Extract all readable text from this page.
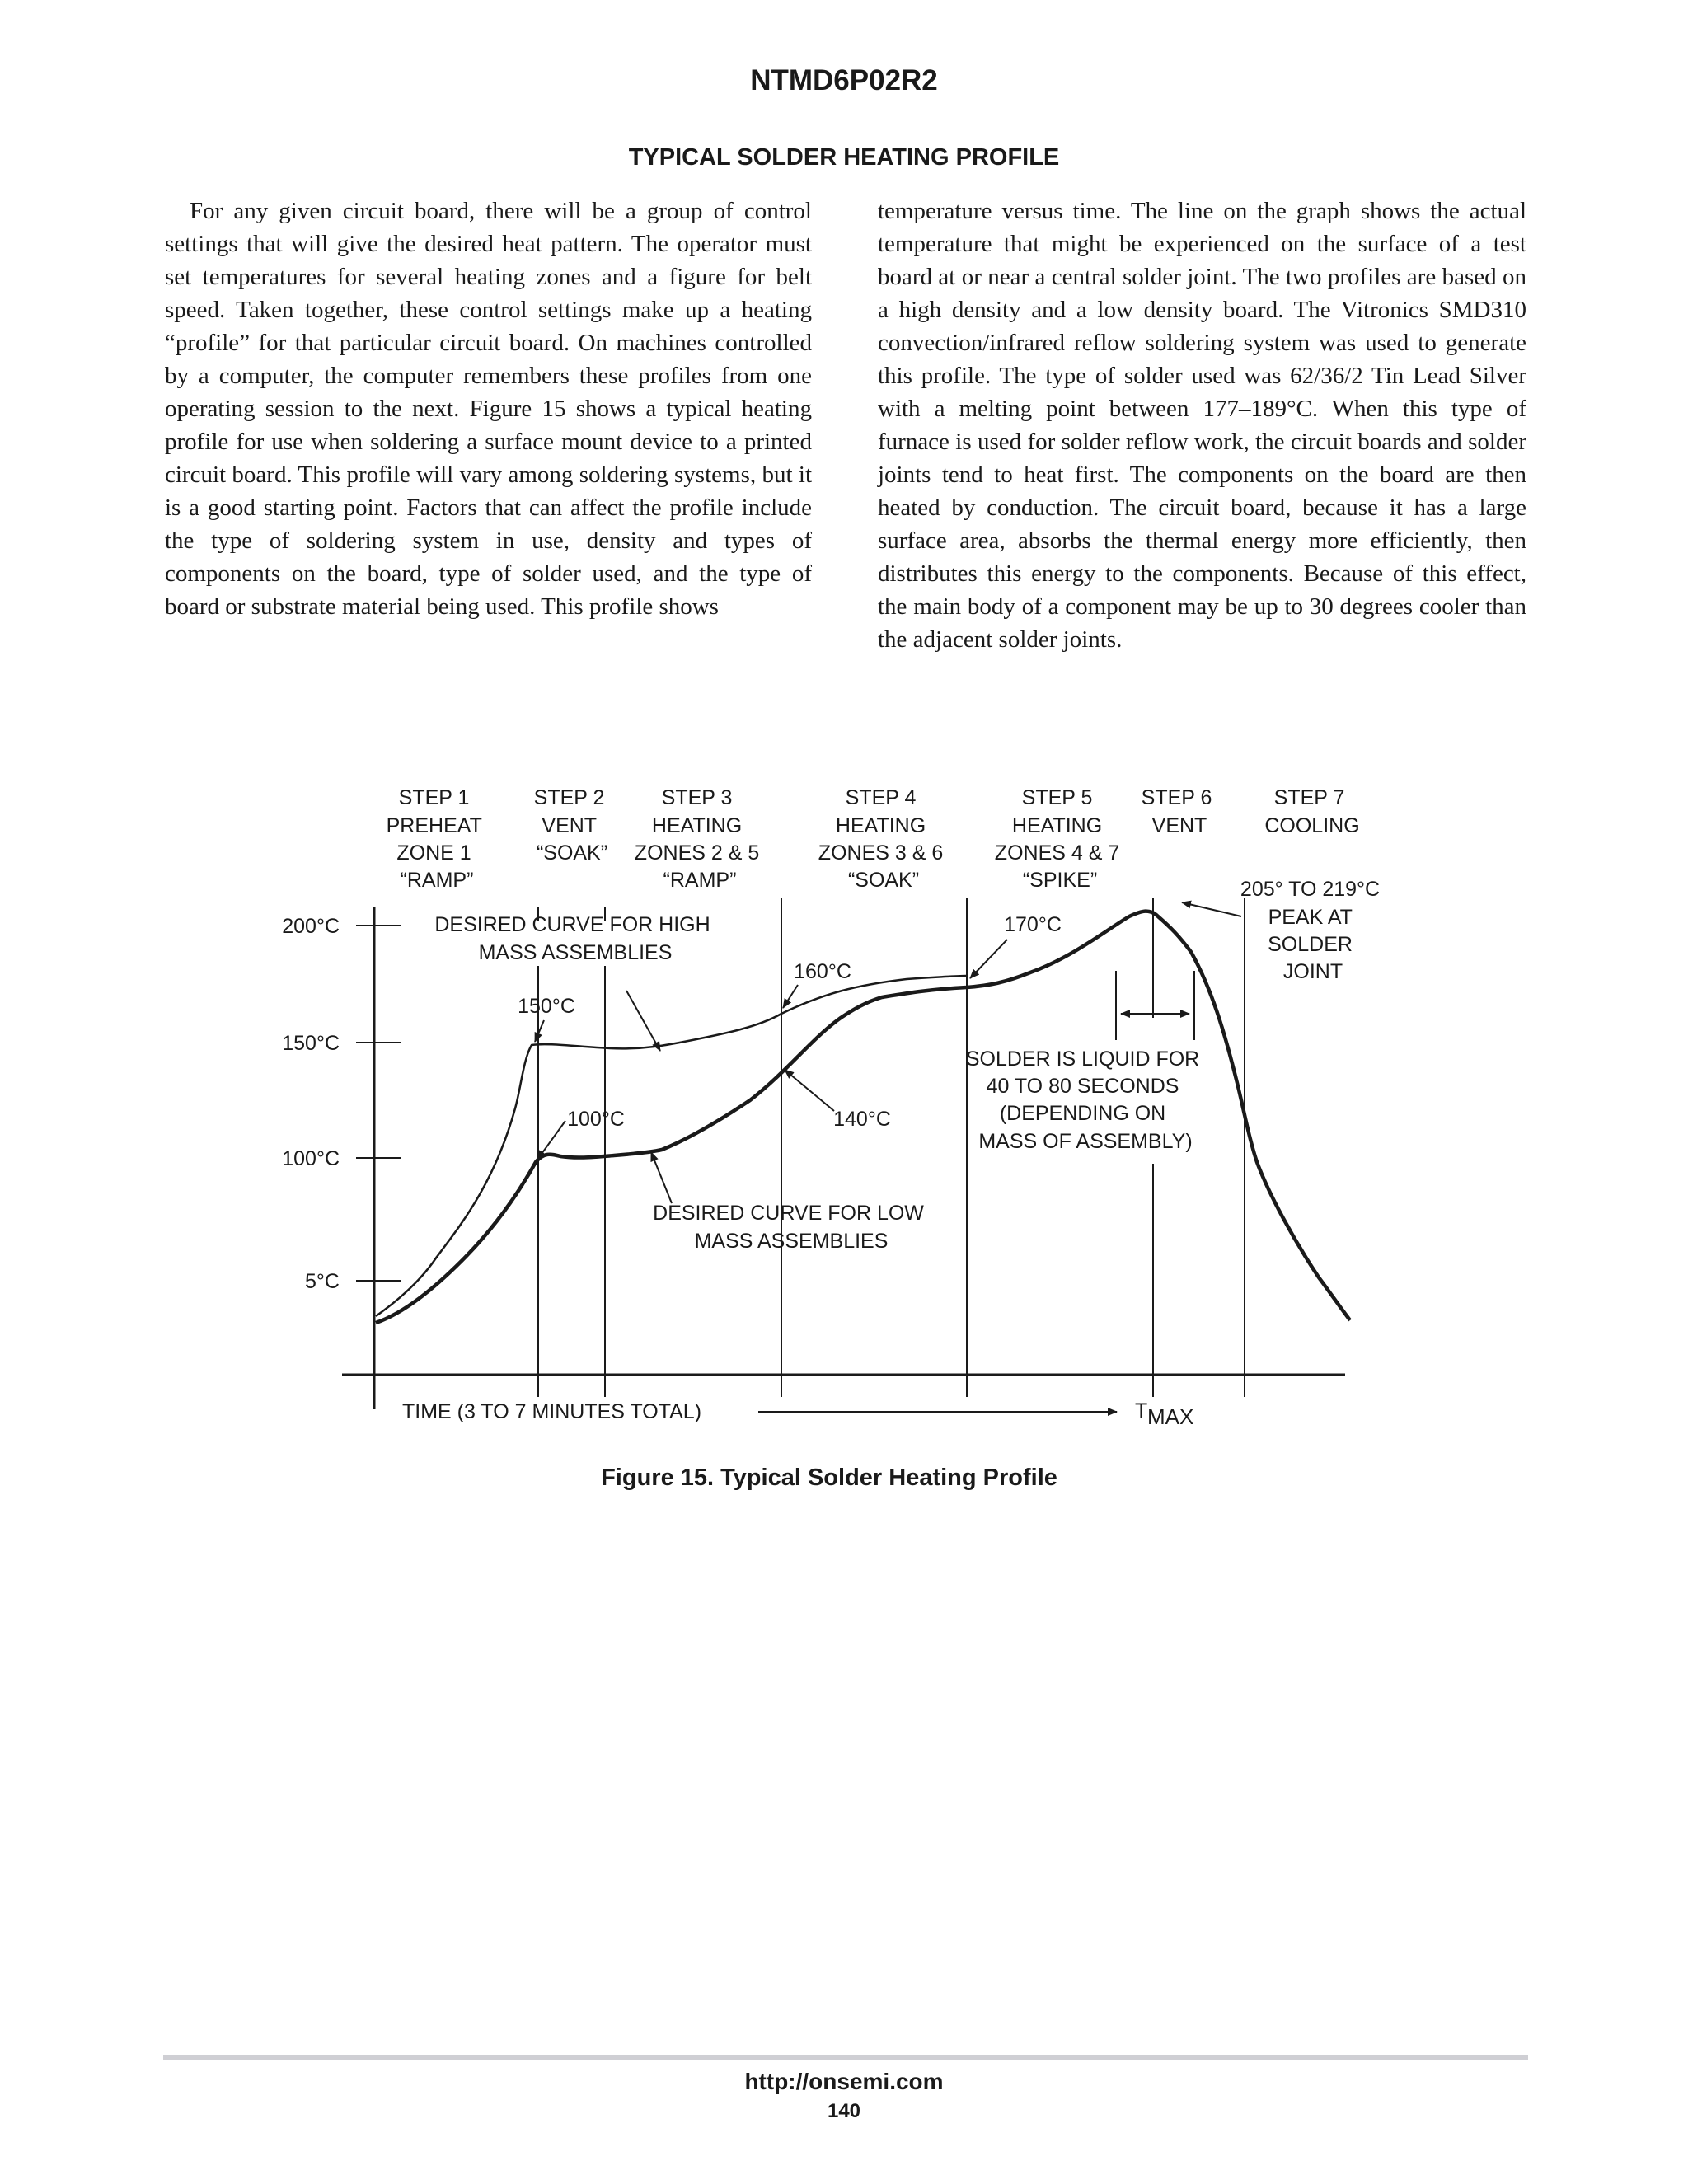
NTMD6P02R2
TYPICAL SOLDER HEATING PROFILE

For any given circuit board, there will be a group of control settings that will give the desired heat pattern. The operator must set temperatures for several heating zones and a figure for belt speed. Taken together, these control settings make up a heating “profile” for that particular circuit board. On machines controlled by a computer, the computer remembers these profiles from one operating session to the next. Figure 15 shows a typical heating profile for use when soldering a surface mount device to a printed circuit board. This profile will vary among soldering systems, but it is a good starting point. Factors that can affect the profile include the type of soldering system in use, density and types of components on the board, type of solder used, and the type of board or substrate material being used. This profile shows

temperature versus time. The line on the graph shows the actual temperature that might be experienced on the surface of a test board at or near a central solder joint. The two profiles are based on a high density and a low density board. The Vitronics SMD310 convection/infrared reflow soldering system was used to generate this profile. The type of solder used was 62/36/2 Tin Lead Silver with a melting point between 177–189°C. When this type of furnace is used for solder reflow work, the circuit boards and solder joints tend to heat first. The components on the board are then heated by conduction. The circuit board, because it has a large surface area, absorbs the thermal energy more efficiently, then distributes this energy to the components. Because of this effect, the main body of a component may be up to 30 degrees cooler than the adjacent solder joints.

STEP 1 PREHEAT ZONE 1 “RAMP”
STEP 2 VENT “SOAK”
STEP 3 HEATING ZONES 2 & 5 “RAMP”
STEP 4 HEATING ZONES 3 & 6 “SOAK”
STEP 5 HEATING ZONES 4 & 7 “SPIKE”
STEP 6 VENT
STEP 7 COOLING
200°C
150°C
100°C
5°C
DESIRED CURVE FOR HIGH MASS ASSEMBLIES
150°C
160°C
170°C
100°C	140°C
205° TO 219°C PEAK AT SOLDER JOINT
SOLDER IS LIQUID FOR 40 TO 80 SECONDS (DEPENDING ON MASS OF ASSEMBLY)
DESIRED CURVE FOR LOW MASS ASSEMBLIES
TIME (3 TO 7 MINUTES TOTAL)	T MAX
Figure 15. Typical Solder Heating Profile
http://onsemi.com
140
